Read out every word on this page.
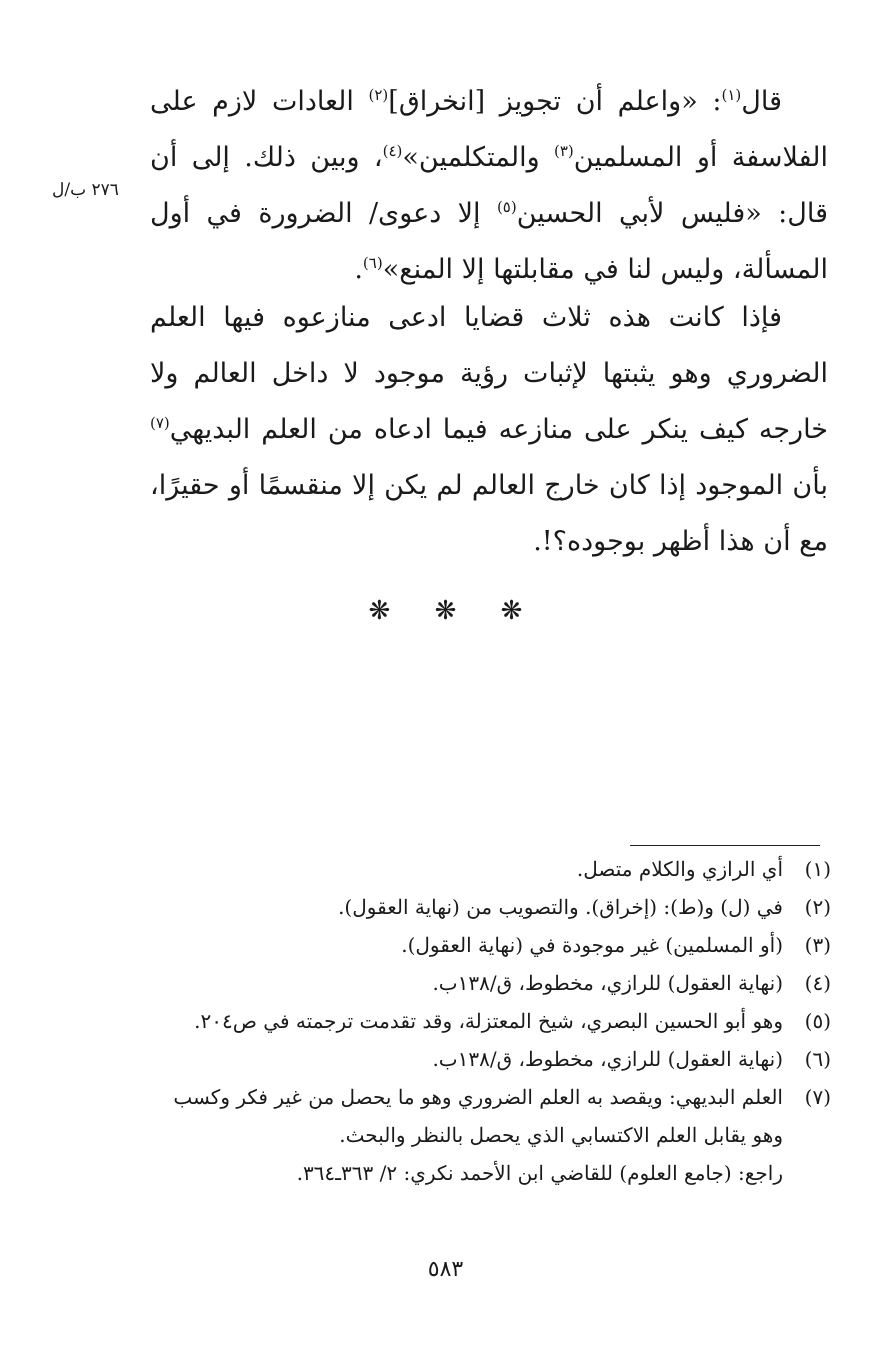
٢٧٦ ب/ل

قال$^{(١)}$: «واعلم أن تجويز [انخراق]$^{(٢)}$ العادات لازم على الفلاسفة أو المسلمين$^{(٣)}$ والمتكلمين»$^{(٤)}$، وبين ذلك. إلى أن قال: «فليس لأبي الحسين$^{(٥)}$ إلا دعوى/ الضرورة في أول المسألة، وليس لنا في مقابلتها إلا المنع»$^{(٦)}$.

فإذا كانت هذه ثلاث قضايا ادعى منازعوه فيها العلم الضروري وهو يثبتها لإثبات رؤية موجود لا داخل العالم ولا خارجه كيف ينكر على منازعه فيما ادعاه من العلم البديهي$^{(٧)}$ بأن الموجود إذا كان خارج العالم لم يكن إلا منقسمًا أو حقيرًا، مع أن هذا أظهر بوجوده؟!.

❋ ❋ ❋
(١)
أي الرازي والكلام متصل.
(٢)
في (ل) و(ط): (إخراق). والتصويب من (نهاية العقول).
(٣)
(أو المسلمين) غير موجودة في (نهاية العقول).
(٤)
(نهاية العقول) للرازي، مخطوط، ق/١٣٨ب.
(٥)
وهو أبو الحسين البصري، شيخ المعتزلة، وقد تقدمت ترجمته في ص٢٠٤.
(٦)
(نهاية العقول) للرازي، مخطوط، ق/١٣٨ب.
(٧)
العلم البديهي: ويقصد به العلم الضروري وهو ما يحصل من غير فكر وكسب
وهو يقابل العلم الاكتسابي الذي يحصل بالنظر والبحث.
راجع: (جامع العلوم) للقاضي ابن الأحمد نكري: ٢/ ٣٦٣ـ٣٦٤.
٥٨٣
